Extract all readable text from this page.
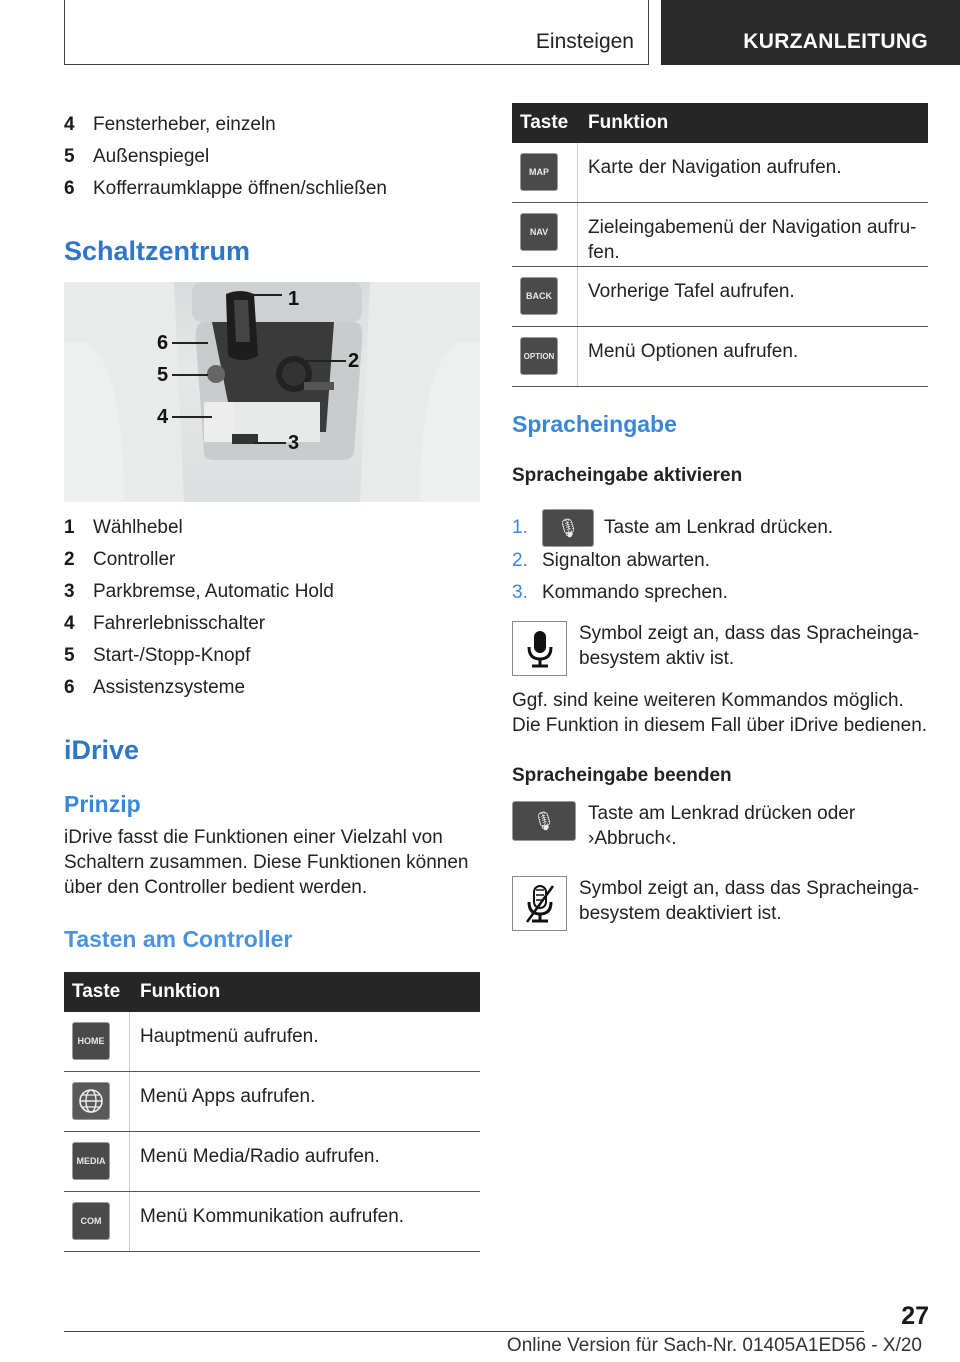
Einsteigen	KURZANLEITUNG
4 Fensterheber, einzeln
5 Außenspiegel
6 Kofferraumklappe öffnen/schließen
Schaltzentrum
1
2
3
4
5
6
1 Wählhebel
2 Controller
3 Parkbremse, Automatic Hold
4 Fahrerlebnisschalter
5 Start-/Stopp-Knopf
6 Assistenzsysteme
iDrive
Prinzip
iDrive fasst die Funktionen einer Vielzahl von Schaltern zusammen. Diese Funktionen können über den Controller bedient werden.
Tasten am Controller
Taste	Funktion
HOME Hauptmenü aufrufen.
Menü Apps aufrufen.
MEDIA Menü Media/Radio aufrufen.
COM	Menü Kommunikation aufrufen.
Taste	Funktion
MAP	Karte der Navigation aufrufen.
NAV	Zieleingabemenü der Navigation aufru-fen.
BACK	Vorherige Tafel aufrufen.
OPTION Menü Optionen aufrufen.
Spracheingabe
Spracheingabe aktivieren
1.	🎙	Taste am Lenkrad drücken.
2. Signalton abwarten.
3. Kommando sprechen.
Symbol zeigt an, dass das Spracheinga-besystem aktiv ist.
Ggf. sind keine weiteren Kommandos möglich. Die Funktion in diesem Fall über iDrive bedienen.
Spracheingabe beenden
🎙	Taste am Lenkrad drücken oder ›Abbruch‹.
Symbol zeigt an, dass das Spracheinga-besystem deaktiviert ist.
27
Online Version für Sach-Nr. 01405A1ED56 - X/20
